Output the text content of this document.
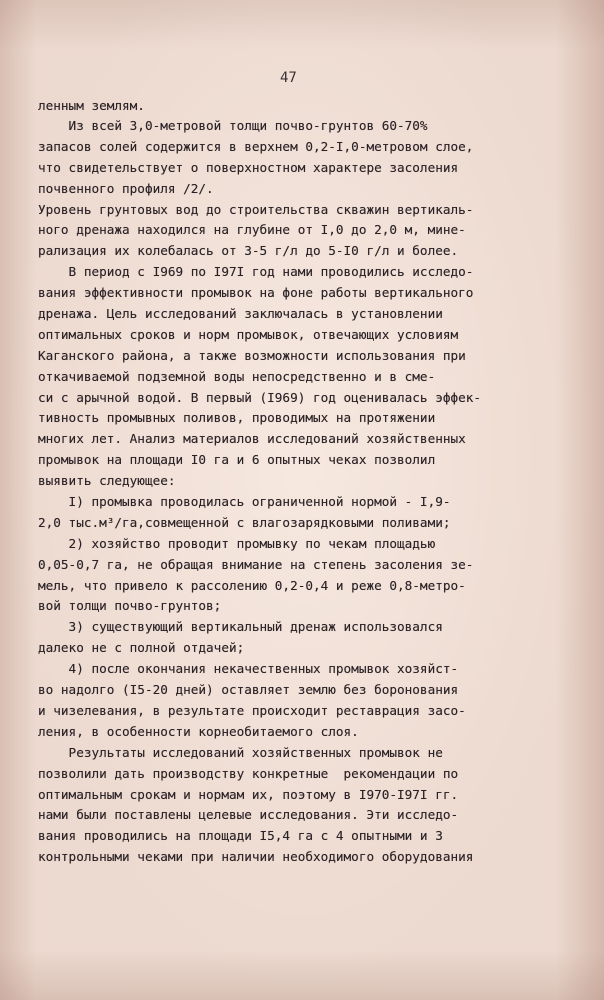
47
ленным землям.
Из всей 3,0-метровой толщи почво-грунтов 60-70%
запасов солей содержится в верхнем 0,2-I,0-метровом слое,
что свидетельствует о поверхностном характере засоления
почвенного профиля /2/.
Уровень грунтовых вод до строительства скважин вертикаль-
ного дренажа находился на глубине от I,0 до 2,0 м, мине-
рализация их колебалась от 3-5 г/л до 5-I0 г/л и более.
В период с I969 по I97I год нами проводились исследо-
вания эффективности промывок на фоне работы вертикального
дренажа. Цель исследований заключалась в установлении
оптимальных сроков и норм промывок, отвечающих условиям
Каганского района, а также возможности использования при
откачиваемой подземной воды непосредственно и в сме-
си с арычной водой. В первый (I969) год оценивалась эффек-
тивность промывных поливов, проводимых на протяжении
многих лет. Анализ материалов исследований хозяйственных
промывок на площади I0 га и 6 опытных чеках позволил
выявить следующее:
I) промывка проводилась ограниченной нормой - I,9-
2,0 тыс.м³/га,совмещенной с влагозарядковыми поливами;
2) хозяйство проводит промывку по чекам площадью
0,05-0,7 га, не обращая внимание на степень засоления зе-
мель, что привело к рассолению 0,2-0,4 и реже 0,8-метро-
вой толщи почво-грунтов;
3) существующий вертикальный дренаж использовался
далеко не с полной отдачей;
4) после окончания некачественных промывок хозяйст-
во надолго (I5-20 дней) оставляет землю без боронования
и чизелевания, в результате происходит реставрация засо-
ления, в особенности корнеобитаемого слоя.
Результаты исследований хозяйственных промывок не
позволили дать производству конкретные  рекомендации по
оптимальным срокам и нормам их, поэтому в I970-I97I гг.
нами были поставлены целевые исследования. Эти исследо-
вания проводились на площади I5,4 га с 4 опытными и 3
контрольными чеками при наличии необходимого оборудования
